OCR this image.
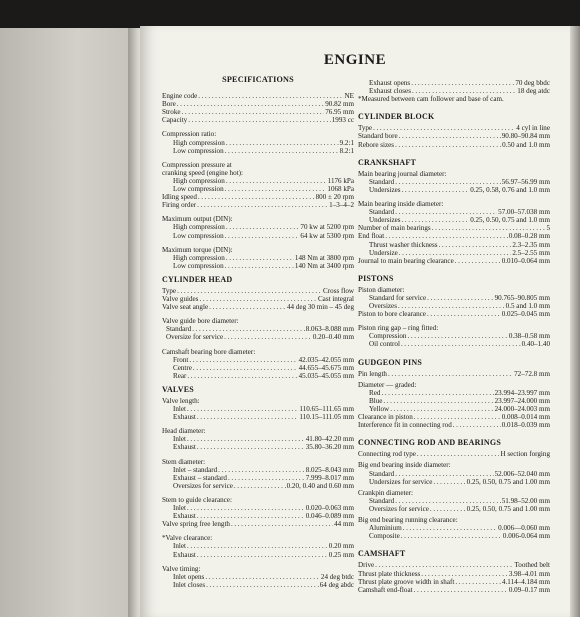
ENGINE
SPECIFICATIONS
Engine code .....	NE
Bore .....	90.82 mm
Stroke .....	76.95 mm
Capacity .....	1993 cc
Compression ratio:
High compression .....	9.2:1
Low compression .....	8.2:1
Compression pressure at
cranking speed (engine hot):
High compression .....	1176 kPa
Low compression .....	1068 kPa
Idling speed .....	800 ± 20 rpm
Firing order .....	1–3–4–2
Maximum output (DIN):
High compression .....	70 kw at 5200 rpm
Low compression .....	64 kw at 5300 rpm
Maximum torque (DIN):
High compression .....	148 Nm at 3800 rpm
Low compression .....	140 Nm at 3400 rpm
CYLINDER HEAD
Type .....	Cross flow
Valve guides .....	Cast integral
Valve seat angle .....	44 deg 30 min – 45 deg
Valve guide bore diameter:
Standard .....	8.063–8.088 mm
Oversize for service .....	0.20–0.40 mm
Camshaft bearing bore diameter:
Front .....	42.035–42.055 mm
Centre .....	44.655–45.675 mm
Rear .....	45.035–45.055 mm
VALVES
Valve length:
Inlet .....	110.65–111.65 mm
Exhaust .....	110.15–111.05 mm
Head diameter:
Inlet .....	41.80–42.20 mm
Exhaust .....	35.80–36.20 mm
Stem diameter:
Inlet – standard .....	8.025–8.043 mm
Exhaust – standard .....	7.999–8.017 mm
Oversizes for service .....	0.20, 0.40 and 0.60 mm
Stem to guide clearance:
Inlet .....	0.020–0.063 mm
Exhaust .....	0.046–0.089 mm
Valve spring free length .....	44 mm
*Valve clearance:
Inlet .....	0.20 mm
Exhaust .....	0.25 mm
Valve timing:
Inlet opens .....	24 deg btdc
Inlet closes .....	64 deg abdc
Exhaust opens .....	70 deg bbdc
Exhaust closes .....	18 deg atdc
*Measured between cam follower and base of cam.
CYLINDER BLOCK
Type .....	4 cyl in line
Standard bore .....	90.80–90.84 mm
Rebore sizes .....	0.50 and 1.0 mm
CRANKSHAFT
Main bearing journal diameter:
Standard .....	56.97–56.99 mm
Undersizes .....	0.25, 0.58, 0.76 and 1.0 mm
Main bearing inside diameter:
Standard .....	57.00–57.038 mm
Undersizes .....	0.25, 0.50, 0.75 and 1.0 mm
Number of main bearings .....	5
End float .....	0.08–0.28 mm
Thrust washer thickness .....	2.3–2.35 mm
Undersize .....	2.5–2.55 mm
Journal to main bearing clearance .....	0.010–0.064 mm
PISTONS
Piston diameter:
Standard for service .....	90.765–90.805 mm
Oversizes .....	0.5 and 1.0 mm
Piston to bore clearance .....	0.025–0.045 mm
Piston ring gap – ring fitted:
Compression .....	0.38–0.58 mm
Oil control .....	0.40–1.40
GUDGEON PINS
Pin length .....	72–72.8 mm
Diameter — graded:
Red .....	23.994–23.997 mm
Blue .....	23.997–24.000 mm
Yellow .....	24.000–24.003 mm
Clearance in piston .....	0.008–0.014 mm
Interference fit in connecting rod .....	0.018–0.039 mm
CONNECTING ROD AND BEARINGS
Connecting rod type .....	H section forging
Big end bearing inside diameter:
Standard .....	52.006–52.040 mm
Undersizes for service .....	0.25, 0.50, 0.75 and 1.00 mm
Crankpin diameter:
Standard .....	51.98–52.00 mm
Oversizes for service .....	0.25, 0.50, 0.75 and 1.00 mm
Big end bearing running clearance:
Aluminium .....	0.006—0.060 mm
Composite .....	0.006-0.064 mm
CAMSHAFT
Drive .....	Toothed belt
Thrust plate thickness .....	3.98–4.01 mm
Thrust plate groove width in shaft .....	4.114–4.184 mm
Camshaft end-float .....	0.09–0.17 mm
